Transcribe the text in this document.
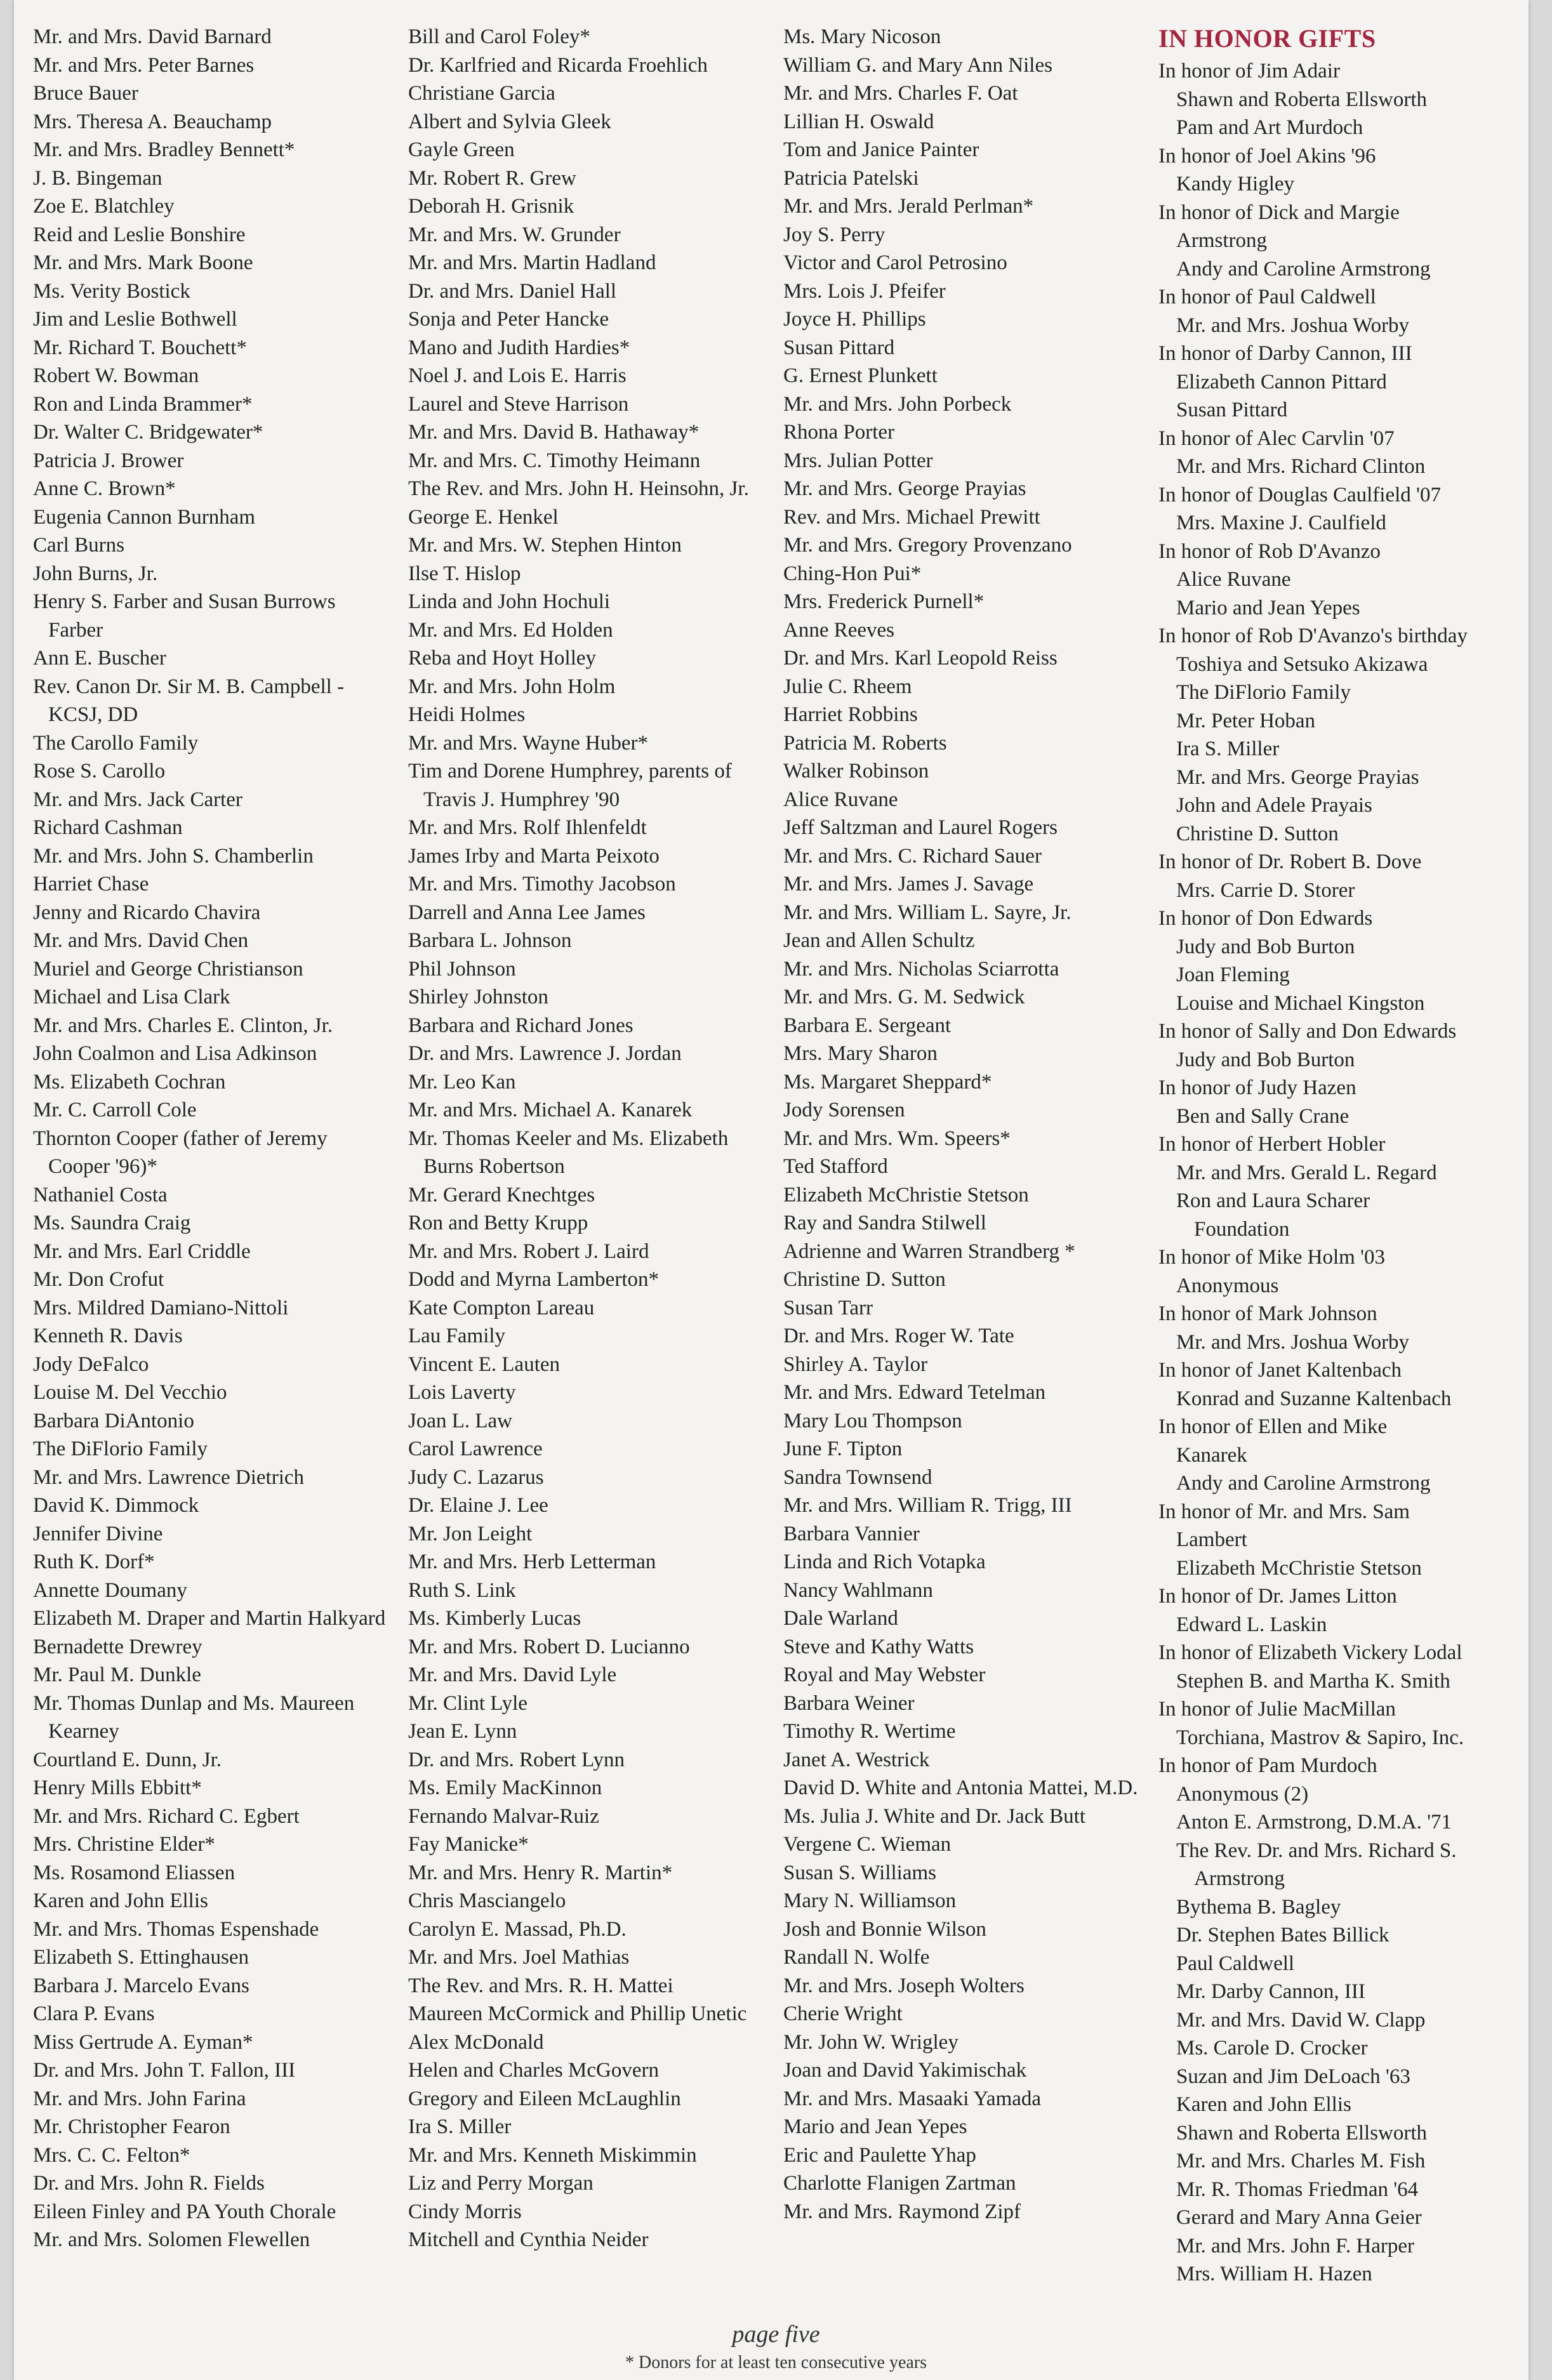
Mr. and Mrs. David Barnard
Mr. and Mrs. Peter Barnes
Bruce Bauer
Mrs. Theresa A. Beauchamp
Mr. and Mrs. Bradley Bennett*
J. B. Bingeman
Zoe E. Blatchley
Reid and Leslie Bonshire
Mr. and Mrs. Mark Boone
Ms. Verity Bostick
Jim and Leslie Bothwell
Mr. Richard T. Bouchett*
Robert W. Bowman
Ron and Linda Brammer*
Dr. Walter C. Bridgewater*
Patricia J. Brower
Anne C. Brown*
Eugenia Cannon Burnham
Carl Burns
John Burns, Jr.
Henry S. Farber and Susan Burrows Farber
Ann E. Buscher
Rev. Canon Dr. Sir M. B. Campbell - KCSJ, DD
The Carollo Family
Rose S. Carollo
Mr. and Mrs. Jack Carter
Richard Cashman
Mr. and Mrs. John S. Chamberlin
Harriet Chase
Jenny and Ricardo Chavira
Mr. and Mrs. David Chen
Muriel and George Christianson
Michael and Lisa Clark
Mr. and Mrs. Charles E. Clinton, Jr.
John Coalmon and Lisa Adkinson
Ms. Elizabeth Cochran
Mr. C. Carroll Cole
Thornton Cooper (father of Jeremy Cooper '96)*
Nathaniel Costa
Ms. Saundra Craig
Mr. and Mrs. Earl Criddle
Mr. Don Crofut
Mrs. Mildred Damiano-Nittoli
Kenneth R. Davis
Jody DeFalco
Louise M. Del Vecchio
Barbara DiAntonio
The DiFlorio Family
Mr. and Mrs. Lawrence Dietrich
David K. Dimmock
Jennifer Divine
Ruth K. Dorf*
Annette Doumany
Elizabeth M. Draper and Martin Halkyard
Bernadette Drewrey
Mr. Paul M. Dunkle
Mr. Thomas Dunlap and Ms. Maureen Kearney
Courtland E. Dunn, Jr.
Henry Mills Ebbitt*
Mr. and Mrs. Richard C. Egbert
Mrs. Christine Elder*
Ms. Rosamond Eliassen
Karen and John Ellis
Mr. and Mrs. Thomas Espenshade
Elizabeth S. Ettinghausen
Barbara J. Marcelo Evans
Clara P. Evans
Miss Gertrude A. Eyman*
Dr. and Mrs. John T. Fallon, III
Mr. and Mrs. John Farina
Mr. Christopher Fearon
Mrs. C. C. Felton*
Dr. and Mrs. John R. Fields
Eileen Finley and PA Youth Chorale
Mr. and Mrs. Solomen Flewellen
Bill and Carol Foley*
Dr. Karlfried and Ricarda Froehlich
Christiane Garcia
Albert and Sylvia Gleek
Gayle Green
Mr. Robert R. Grew
Deborah H. Grisnik
Mr. and Mrs. W. Grunder
Mr. and Mrs. Martin Hadland
Dr. and Mrs. Daniel Hall
Sonja and Peter Hancke
Mano and Judith Hardies*
Noel J. and Lois E. Harris
Laurel and Steve Harrison
Mr. and Mrs. David B. Hathaway*
Mr. and Mrs. C. Timothy Heimann
The Rev. and Mrs. John H. Heinsohn, Jr.
George E. Henkel
Mr. and Mrs. W. Stephen Hinton
Ilse T. Hislop
Linda and John Hochuli
Mr. and Mrs. Ed Holden
Reba and Hoyt Holley
Mr. and Mrs. John Holm
Heidi Holmes
Mr. and Mrs. Wayne Huber*
Tim and Dorene Humphrey, parents of Travis J. Humphrey '90
Mr. and Mrs. Rolf Ihlenfeldt
James Irby and Marta Peixoto
Mr. and Mrs. Timothy Jacobson
Darrell and Anna Lee James
Barbara L. Johnson
Phil Johnson
Shirley Johnston
Barbara and Richard Jones
Dr. and Mrs. Lawrence J. Jordan
Mr. Leo Kan
Mr. and Mrs. Michael A. Kanarek
Mr. Thomas Keeler and Ms. Elizabeth Burns Robertson
Mr. Gerard Knechtges
Ron and Betty Krupp
Mr. and Mrs. Robert J. Laird
Dodd and Myrna Lamberton*
Kate Compton Lareau
Lau Family
Vincent E. Lauten
Lois Laverty
Joan L. Law
Carol Lawrence
Judy C. Lazarus
Dr. Elaine J. Lee
Mr. Jon Leight
Mr. and Mrs. Herb Letterman
Ruth S. Link
Ms. Kimberly Lucas
Mr. and Mrs. Robert D. Lucianno
Mr. and Mrs. David Lyle
Mr. Clint Lyle
Jean E. Lynn
Dr. and Mrs. Robert Lynn
Ms. Emily MacKinnon
Fernando Malvar-Ruiz
Fay Manicke*
Mr. and Mrs. Henry R. Martin*
Chris Masciangelo
Carolyn E. Massad, Ph.D.
Mr. and Mrs. Joel Mathias
The Rev. and Mrs. R. H. Mattei
Maureen McCormick and Phillip Unetic
Alex McDonald
Helen and Charles McGovern
Gregory and Eileen McLaughlin
Ira S. Miller
Mr. and Mrs. Kenneth Miskimmin
Liz and Perry Morgan
Cindy Morris
Mitchell and Cynthia Neider
Ms. Mary Nicoson
William G. and Mary Ann Niles
Mr. and Mrs. Charles F. Oat
Lillian H. Oswald
Tom and Janice Painter
Patricia Patelski
Mr. and Mrs. Jerald Perlman*
Joy S. Perry
Victor and Carol Petrosino
Mrs. Lois J. Pfeifer
Joyce H. Phillips
Susan Pittard
G. Ernest Plunkett
Mr. and Mrs. John Porbeck
Rhona Porter
Mrs. Julian Potter
Mr. and Mrs. George Prayias
Rev. and Mrs. Michael Prewitt
Mr. and Mrs. Gregory Provenzano
Ching-Hon Pui*
Mrs. Frederick Purnell*
Anne Reeves
Dr. and Mrs. Karl Leopold Reiss
Julie C. Rheem
Harriet Robbins
Patricia M. Roberts
Walker Robinson
Alice Ruvane
Jeff Saltzman and Laurel Rogers
Mr. and Mrs. C. Richard Sauer
Mr. and Mrs. James J. Savage
Mr. and Mrs. William L. Sayre, Jr.
Jean and Allen Schultz
Mr. and Mrs. Nicholas Sciarrotta
Mr. and Mrs. G. M. Sedwick
Barbara E. Sergeant
Mrs. Mary Sharon
Ms. Margaret Sheppard*
Jody Sorensen
Mr. and Mrs. Wm. Speers*
Ted Stafford
Elizabeth McChristie Stetson
Ray and Sandra Stilwell
Adrienne and Warren Strandberg *
Christine D. Sutton
Susan Tarr
Dr. and Mrs. Roger W. Tate
Shirley A. Taylor
Mr. and Mrs. Edward Tetelman
Mary Lou Thompson
June F. Tipton
Sandra Townsend
Mr. and Mrs. William R. Trigg, III
Barbara Vannier
Linda and Rich Votapka
Nancy Wahlmann
Dale Warland
Steve and Kathy Watts
Royal and May Webster
Barbara Weiner
Timothy R. Wertime
Janet A. Westrick
David D. White and Antonia Mattei, M.D.
Ms. Julia J. White and Dr. Jack Butt
Vergene C. Wieman
Susan S. Williams
Mary N. Williamson
Josh and Bonnie Wilson
Randall N. Wolfe
Mr. and Mrs. Joseph Wolters
Cherie Wright
Mr. John W. Wrigley
Joan and David Yakimischak
Mr. and Mrs. Masaaki Yamada
Mario and Jean Yepes
Eric and Paulette Yhap
Charlotte Flanigen Zartman
Mr. and Mrs. Raymond Zipf
IN HONOR GIFTS
In honor of Jim Adair
Shawn and Roberta Ellsworth
Pam and Art Murdoch
In honor of Joel Akins '96
Kandy Higley
In honor of Dick and Margie
Armstrong
Andy and Caroline Armstrong
In honor of Paul Caldwell
Mr. and Mrs. Joshua Worby
In honor of Darby Cannon, III
Elizabeth Cannon Pittard
Susan Pittard
In honor of Alec Carvlin '07
Mr. and Mrs. Richard Clinton
In honor of Douglas Caulfield '07
Mrs. Maxine J. Caulfield
In honor of Rob D'Avanzo
Alice Ruvane
Mario and Jean Yepes
In honor of Rob D'Avanzo's birthday
Toshiya and Setsuko Akizawa
The DiFlorio Family
Mr. Peter Hoban
Ira S. Miller
Mr. and Mrs. George Prayias
John and Adele Prayais
Christine D. Sutton
In honor of Dr. Robert B. Dove
Mrs. Carrie D. Storer
In honor of Don Edwards
Judy and Bob Burton
Joan Fleming
Louise and Michael Kingston
In honor of Sally and Don Edwards
Judy and Bob Burton
In honor of Judy Hazen
Ben and Sally Crane
In honor of Herbert Hobler
Mr. and Mrs. Gerald L. Regard
Ron and Laura Scharer
Foundation
In honor of Mike Holm '03
Anonymous
In honor of Mark Johnson
Mr. and Mrs. Joshua Worby
In honor of Janet Kaltenbach
Konrad and Suzanne Kaltenbach
In honor of Ellen and Mike
Kanarek
Andy and Caroline Armstrong
In honor of Mr. and Mrs. Sam
Lambert
Elizabeth McChristie Stetson
In honor of Dr. James Litton
Edward L. Laskin
In honor of Elizabeth Vickery Lodal
Stephen B. and Martha K. Smith
In honor of Julie MacMillan
Torchiana, Mastrov & Sapiro, Inc.
In honor of Pam Murdoch
Anonymous (2)
Anton E. Armstrong, D.M.A. '71
The Rev. Dr. and Mrs. Richard S.
Armstrong
Bythema B. Bagley
Dr. Stephen Bates Billick
Paul Caldwell
Mr. Darby Cannon, III
Mr. and Mrs. David W. Clapp
Ms. Carole D. Crocker
Suzan and Jim DeLoach '63
Karen and John Ellis
Shawn and Roberta Ellsworth
Mr. and Mrs. Charles M. Fish
Mr. R. Thomas Friedman '64
Gerard and Mary Anna Geier
Mr. and Mrs. John F. Harper
Mrs. William H. Hazen
page five
* Donors for at least ten consecutive years
